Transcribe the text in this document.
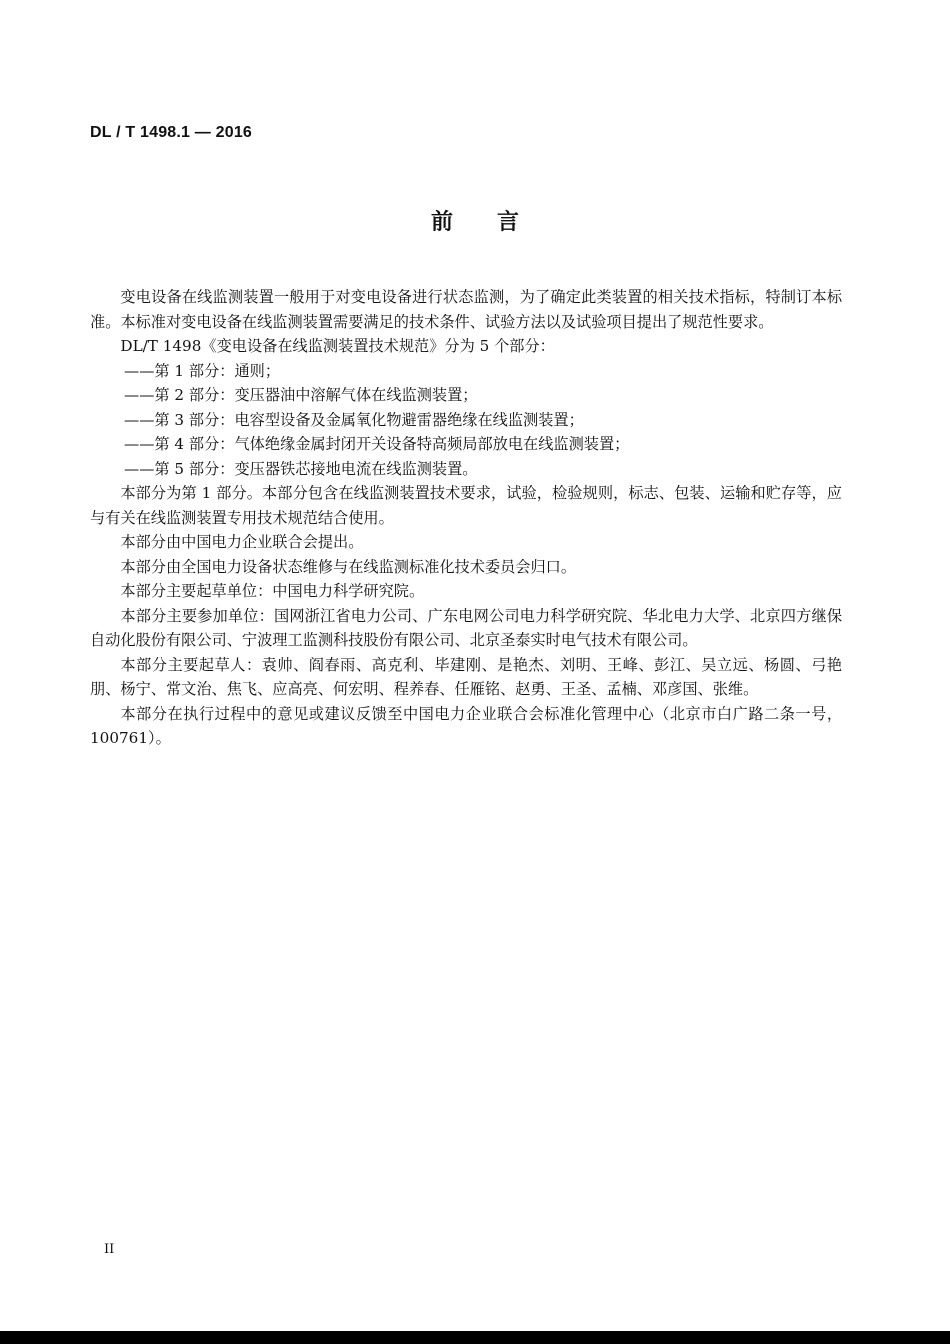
DL / T 1498.1 — 2016
前言

变电设备在线监测装置一般用于对变电设备进行状态监测，为了确定此类装置的相关技术指标，特制订本标准。本标准对变电设备在线监测装置需要满足的技术条件、试验方法以及试验项目提出了规范性要求。

DL/T 1498《变电设备在线监测装置技术规范》分为 5 个部分：

——第 1 部分：通则；

——第 2 部分：变压器油中溶解气体在线监测装置；

——第 3 部分：电容型设备及金属氧化物避雷器绝缘在线监测装置；

——第 4 部分：气体绝缘金属封闭开关设备特高频局部放电在线监测装置；

——第 5 部分：变压器铁芯接地电流在线监测装置。

本部分为第 1 部分。本部分包含在线监测装置技术要求，试验，检验规则，标志、包装、运输和贮存等，应与有关在线监测装置专用技术规范结合使用。

本部分由中国电力企业联合会提出。

本部分由全国电力设备状态维修与在线监测标准化技术委员会归口。

本部分主要起草单位：中国电力科学研究院。

本部分主要参加单位：国网浙江省电力公司、广东电网公司电力科学研究院、华北电力大学、北京四方继保自动化股份有限公司、宁波理工监测科技股份有限公司、北京圣泰实时电气技术有限公司。

本部分主要起草人：袁帅、阎春雨、高克利、毕建刚、是艳杰、刘明、王峰、彭江、吴立远、杨圆、弓艳朋、杨宁、常文治、焦飞、应高亮、何宏明、程养春、任雁铭、赵勇、王圣、孟楠、邓彦国、张维。

本部分在执行过程中的意见或建议反馈至中国电力企业联合会标准化管理中心（北京市白广路二条一号，100761）。

II
